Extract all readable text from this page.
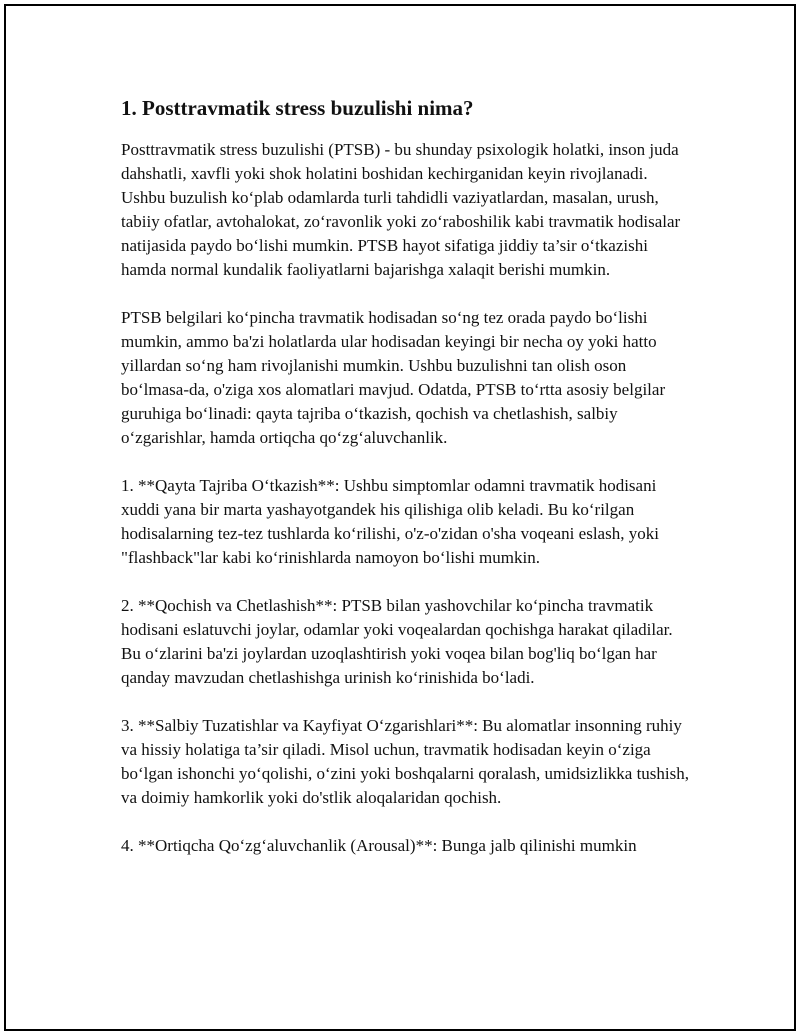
1. Posttravmatik stress buzulishi nima?

Posttravmatik stress buzulishi (PTSB) - bu shunday psixologik holatki, inson juda dahshatli, xavfli yoki shok holatini boshidan kechirganidan keyin rivojlanadi. Ushbu buzulish ko‘plab odamlarda turli tahdidli vaziyatlardan, masalan, urush, tabiiy ofatlar, avtohalokat, zo‘ravonlik yoki zo‘raboshilik kabi travmatik hodisalar natijasida paydo bo‘lishi mumkin. PTSB hayot sifatiga jiddiy ta’sir o‘tkazishi hamda normal kundalik faoliyatlarni bajarishga xalaqit berishi mumkin.

PTSB belgilari ko‘pincha travmatik hodisadan so‘ng tez orada paydo bo‘lishi mumkin, ammo ba'zi holatlarda ular hodisadan keyingi bir necha oy yoki hatto yillardan so‘ng ham rivojlanishi mumkin. Ushbu buzulishni tan olish oson bo‘lmasa-da, o'ziga xos alomatlari mavjud. Odatda, PTSB to‘rtta asosiy belgilar guruhiga bo‘linadi: qayta tajriba o‘tkazish, qochish va chetlashish, salbiy o‘zgarishlar, hamda ortiqcha qo‘zg‘aluvchanlik.

1. **Qayta Tajriba O‘tkazish**: Ushbu simptomlar odamni travmatik hodisani xuddi yana bir marta yashayotgandek his qilishiga olib keladi. Bu ko‘rilgan hodisalarning tez-tez tushlarda ko‘rilishi, o'z-o'zidan o'sha voqeani eslash, yoki "flashback"lar kabi ko‘rinishlarda namoyon bo‘lishi mumkin.

2. **Qochish va Chetlashish**: PTSB bilan yashovchilar ko‘pincha travmatik hodisani eslatuvchi joylar, odamlar yoki voqealardan qochishga harakat qiladilar. Bu o‘zlarini ba'zi joylardan uzoqlashtirish yoki voqea bilan bog'liq bo‘lgan har qanday mavzudan chetlashishga urinish ko‘rinishida bo‘ladi.

3. **Salbiy Tuzatishlar va Kayfiyat O‘zgarishlari**: Bu alomatlar insonning ruhiy va hissiy holatiga ta’sir qiladi. Misol uchun, travmatik hodisadan keyin o‘ziga bo‘lgan ishonchi yo‘qolishi, o‘zini yoki boshqalarni qoralash, umidsizlikka tushish, va doimiy hamkorlik yoki do'stlik aloqalaridan qochish.

4. **Ortiqcha Qo‘zg‘aluvchanlik (Arousal)**: Bunga jalb qilinishi mumkin
